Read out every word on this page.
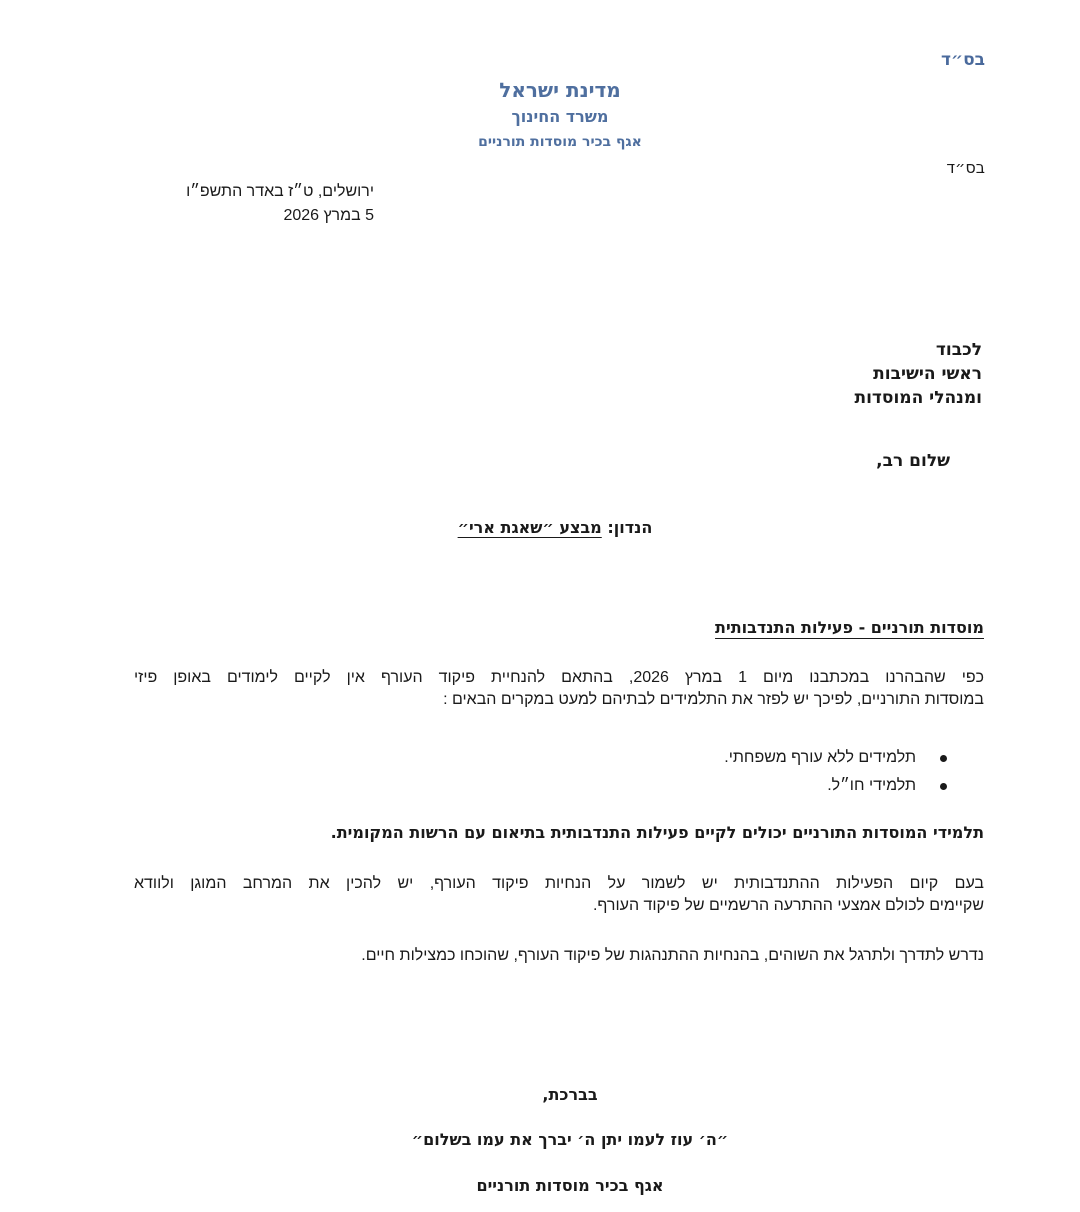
בס״ד
מדינת ישראל
משרד החינוך
אגף בכיר מוסדות תורניים
בס״ד
ירושלים, ט״ז באדר התשפ״ו
5 במרץ 2026
לכבוד
ראשי הישיבות
ומנהלי המוסדות
שלום רב,
הנדון: מבצע ״שאגת ארי״
מוסדות תורניים - פעילות התנדבותית
כפי שהבהרנו במכתבנו מיום 1 במרץ 2026, בהתאם להנחיית פיקוד העורף אין לקיים לימודים באופן פיזי
במוסדות התורניים, לפיכך יש לפזר את התלמידים לבתיהם למעט במקרים הבאים :
תלמידים ללא עורף משפחתי.
תלמידי חו״ל.
תלמידי המוסדות התורניים יכולים לקיים פעילות התנדבותית בתיאום עם הרשות המקומית.
בעם קיום הפעילות ההתנדבותית יש לשמור על הנחיות פיקוד העורף, יש להכין את המרחב המוגן ולוודא
שקיימים לכולם אמצעי ההתרעה הרשמיים של פיקוד העורף.
נדרש לתדרך ולתרגל את השוהים, בהנחיות ההתנהגות של פיקוד העורף, שהוכחו כמצילות חיים.
בברכת,
״ה׳ עוז לעמו יתן ה׳ יברך את עמו בשלום״
אגף בכיר מוסדות תורניים
